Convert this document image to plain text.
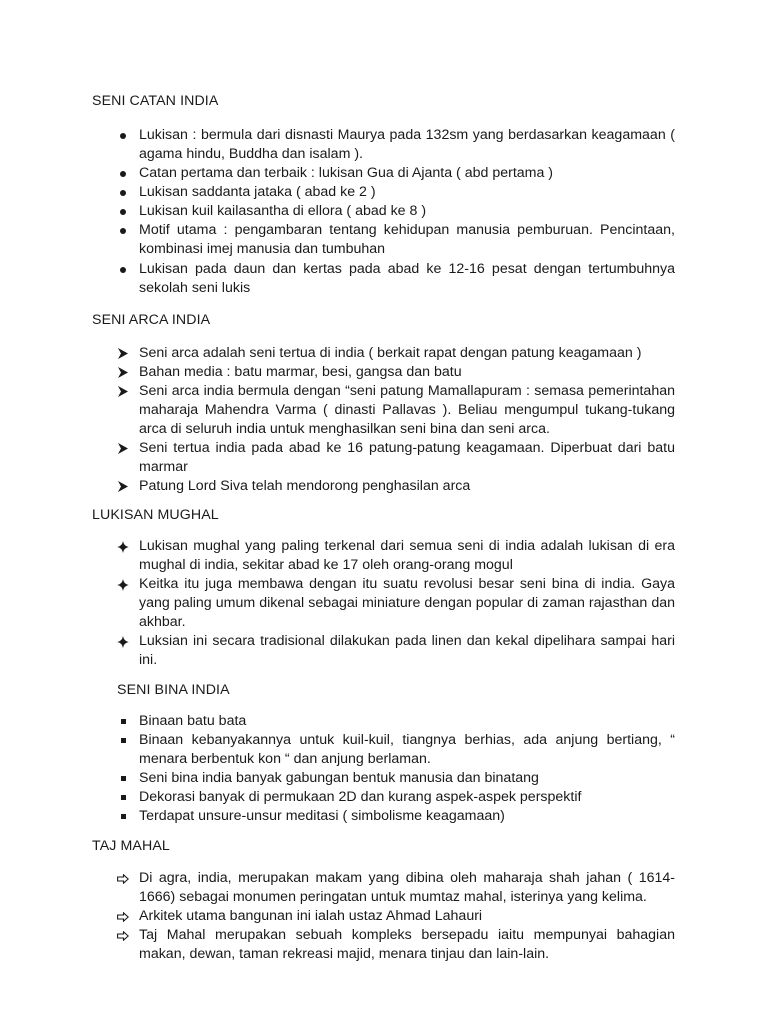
SENI CATAN INDIA
Lukisan : bermula dari disnasti Maurya pada 132sm yang berdasarkan keagamaan ( agama hindu, Buddha dan isalam ).
Catan pertama dan terbaik : lukisan Gua di Ajanta ( abd pertama )
Lukisan saddanta jataka ( abad ke 2 )
Lukisan kuil kailasantha di ellora ( abad ke 8 )
Motif utama : pengambaran tentang kehidupan manusia pemburuan. Pencintaan, kombinasi imej manusia dan tumbuhan
Lukisan pada daun dan kertas pada abad ke 12-16 pesat dengan tertumbuhnya sekolah seni lukis
SENI ARCA INDIA
Seni arca adalah seni tertua di india ( berkait rapat dengan patung keagamaan )
Bahan media : batu marmar, besi, gangsa dan batu
Seni arca india bermula dengan “seni patung Mamallapuram : semasa pemerintahan maharaja Mahendra Varma ( dinasti Pallavas ). Beliau mengumpul tukang-tukang arca di seluruh india untuk menghasilkan seni bina dan seni arca.
Seni tertua india pada abad ke 16 patung-patung keagamaan. Diperbuat dari batu marmar
Patung Lord Siva telah mendorong penghasilan arca
LUKISAN MUGHAL
Lukisan mughal yang paling terkenal dari semua seni di india adalah lukisan di era mughal di india, sekitar abad ke 17 oleh orang-orang mogul
Keitka itu juga membawa dengan itu suatu revolusi besar seni bina di india. Gaya yang paling umum dikenal sebagai miniature dengan popular di zaman rajasthan dan akhbar.
Luksian ini secara tradisional dilakukan pada linen dan kekal dipelihara sampai hari ini.
SENI BINA INDIA
Binaan batu bata
Binaan kebanyakannya untuk kuil-kuil, tiangnya berhias, ada anjung bertiang, “ menara berbentuk kon “ dan anjung berlaman.
Seni bina india banyak gabungan bentuk manusia dan binatang
Dekorasi banyak di permukaan 2D dan kurang aspek-aspek perspektif
Terdapat unsure-unsur meditasi ( simbolisme keagamaan)
TAJ MAHAL
Di agra, india, merupakan makam yang dibina oleh maharaja shah jahan ( 1614-1666) sebagai monumen peringatan untuk mumtaz mahal, isterinya yang kelima.
Arkitek utama bangunan ini ialah ustaz Ahmad Lahauri
Taj Mahal merupakan sebuah kompleks bersepadu iaitu mempunyai bahagian makan, dewan, taman rekreasi majid, menara tinjau dan lain-lain.
